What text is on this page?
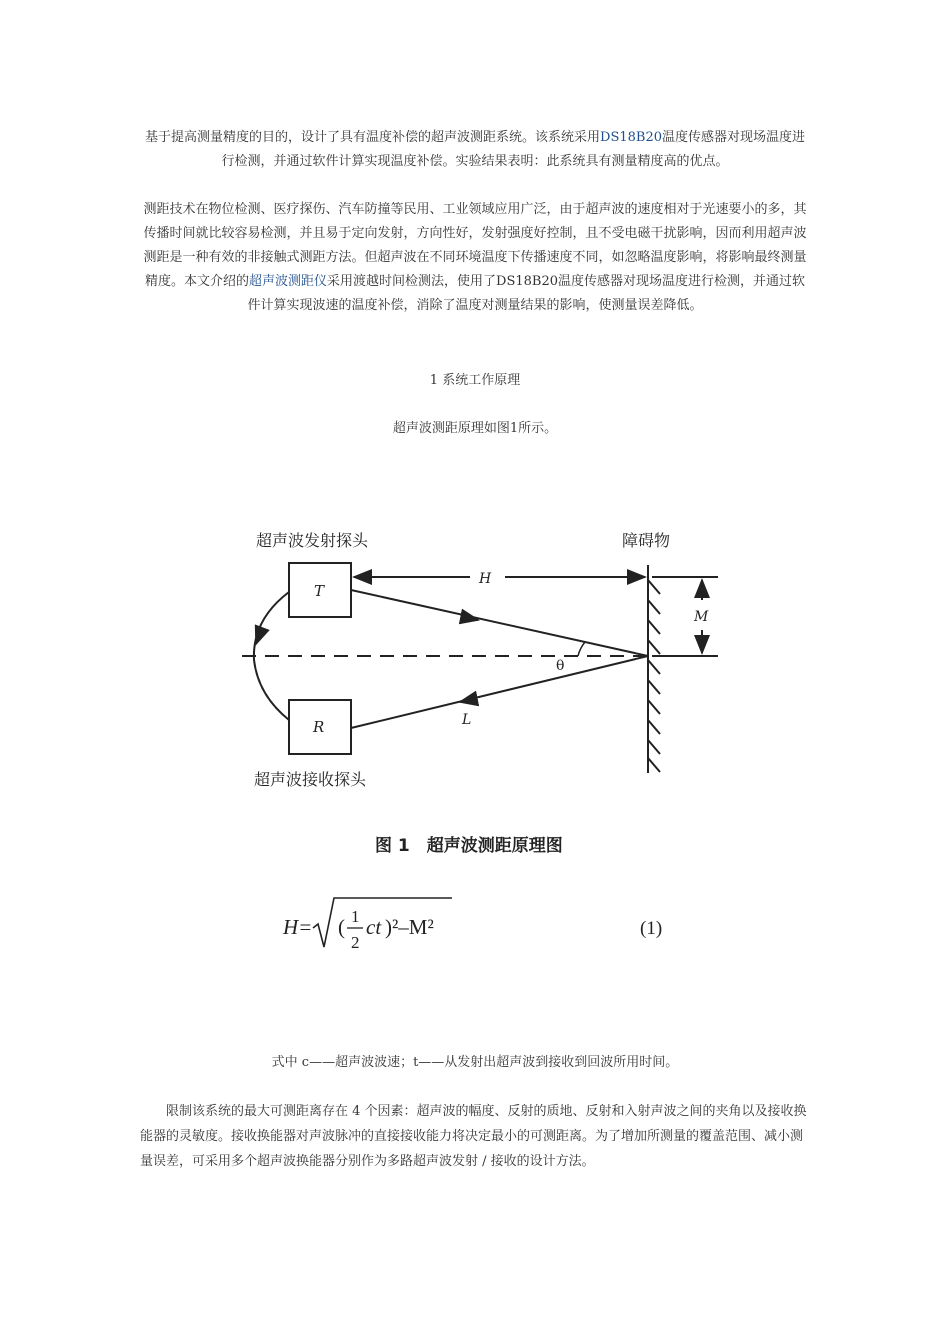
基于提高测量精度的目的，设计了具有温度补偿的超声波测距系统。该系统采用DS18B20温度传感器对现场温度进行检测，并通过软件计算实现温度补偿。实验结果表明：此系统具有测量精度高的优点。
测距技术在物位检测、医疗探伤、汽车防撞等民用、工业领域应用广泛，由于超声波的速度相对于光速要小的多，其传播时间就比较容易检测，并且易于定向发射，方向性好，发射强度好控制，且不受电磁干扰影响，因而利用超声波测距是一种有效的非接触式测距方法。但超声波在不同环境温度下传播速度不同，如忽略温度影响，将影响最终测量精度。本文介绍的超声波测距仪采用渡越时间检测法，使用了DS18B20温度传感器对现场温度进行检测，并通过软件计算实现波速的温度补偿，消除了温度对测量结果的影响，使测量误差降低。
1 系统工作原理
超声波测距原理如图1所示。
超声波发射探头	障碍物
超声波接收探头
T
R
H
M
L
θ
图 1　超声波测距原理图
H= ( 1
2
ct )²–M²	(1)
式中 c——超声波波速；t——从发射出超声波到接收到回波所用时间。
限制该系统的最大可测距离存在 4 个因素：超声波的幅度、反射的质地、反射和入射声波之间的夹角以及接收换能器的灵敏度。接收换能器对声波脉冲的直接接收能力将决定最小的可测距离。为了增加所测量的覆盖范围、减小测量误差，可采用多个超声波换能器分别作为多路超声波发射 / 接收的设计方法。
